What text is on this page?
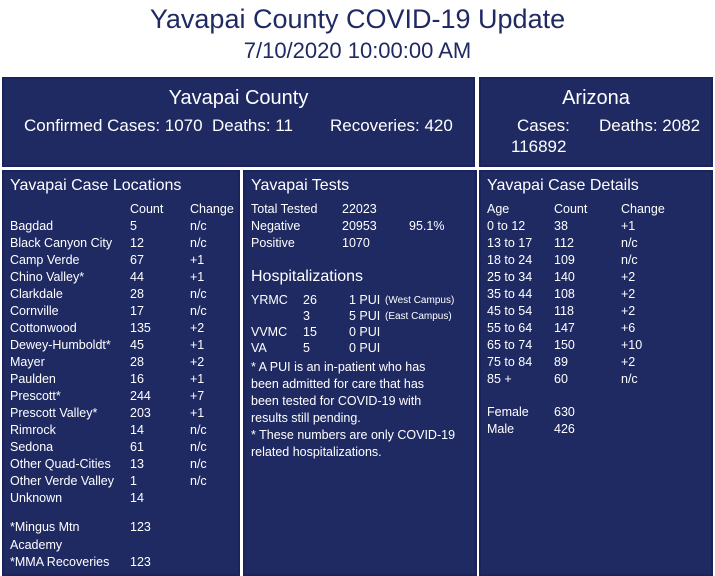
Yavapai County COVID-19 Update
7/10/2020 10:00:00 AM
Yavapai County
Confirmed Cases: 1070 Deaths: 11 Recoveries: 420
Arizona
Cases:
116892
Deaths: 2082
Yavapai Case Locations
Count Change
Bagdad	5	n/c
Black Canyon City 12	n/c
Camp Verde	67	+1
Chino Valley*	44	+1
Clarkdale	28	n/c
Cornville	17	n/c
Cottonwood	135	+2
Dewey-Humboldt* 45	+1
Mayer	28	+2
Paulden	16	+1
Prescott*	244	+7
Prescott Valley*	203	+1
Rimrock	14	n/c
Sedona	61	n/c
Other Quad-Cities 13	n/c
Other Verde Valley 1	n/c
Unknown	14
*Mingus Mtn
Academy
123
*MMA Recoveries 123
Yavapai Tests
Total Tested 22023
Negative	20953	95.1%
Positive	1070
Hospitalizations
YRMC 26	1 PUI (West Campus)
3	5 PUI (East Campus)
VVMC 15	0 PUI
VA	5	0 PUI
* A PUI is an in-patient who has
been admitted for care that has
been tested for COVID-19 with
results still pending.
* These numbers are only COVID-19
related hospitalizations.
Yavapai Case Details
Age	Count	Change
0 to 12 38	+1
13 to 17 112	n/c
18 to 24 109	n/c
25 to 34 140	+2
35 to 44 108	+2
45 to 54 118	+2
55 to 64 147	+6
65 to 74 150	+10
75 to 84 89	+2
85 +	60	n/c
Female 630
Male	426
